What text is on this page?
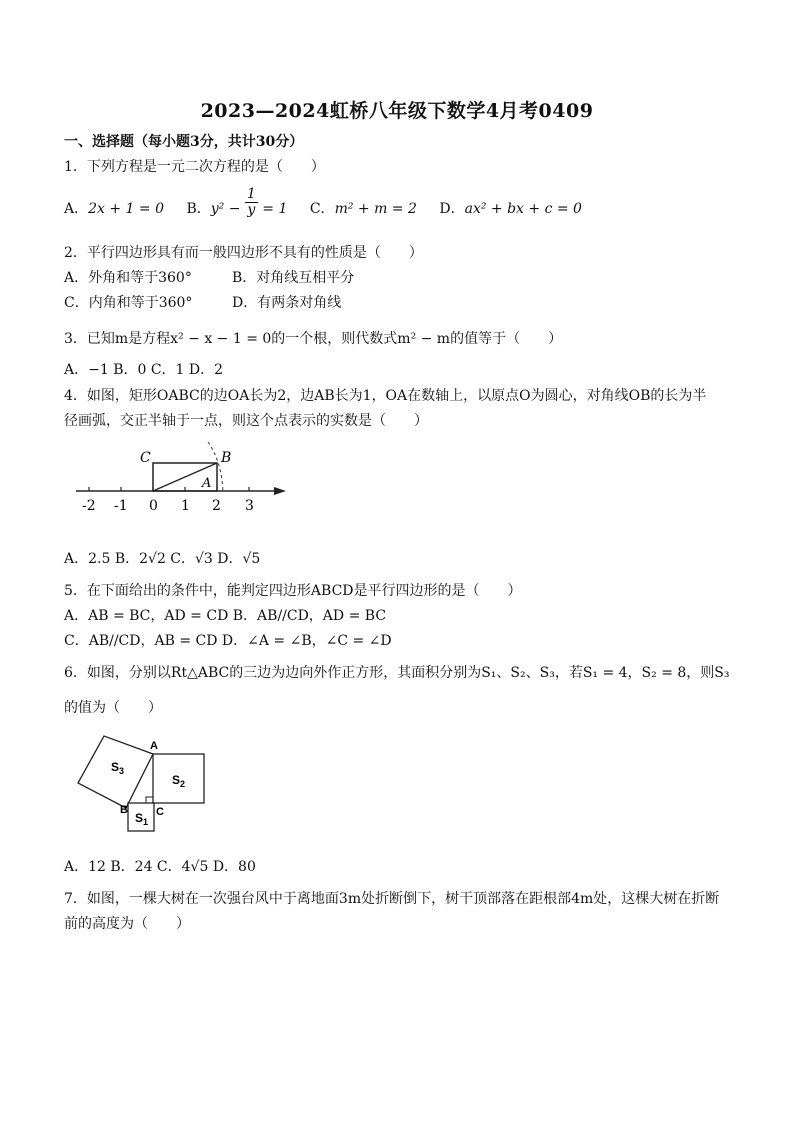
2023—2024虹桥八年级下数学4月考0409
一、选择题（每小题3分，共计30分）
1．下列方程是一元二次方程的是（　　）
A．2x + 1 = 0 B．$y^2 - \frac{1}{y} = 1$ C．m² + m = 2 D．ax² + bx + c = 0
2．平行四边形具有而一般四边形不具有的性质是（　　）
A．外角和等于360°	B．对角线互相平分
C．内角和等于360°	D．有两条对角线
3．已知m是方程x² − x − 1 = 0的一个根，则代数式m² − m的值等于（　　）
A．−1 B．0 C．1 D．2
4．如图，矩形OABC的边OA长为2，边AB长为1，OA在数轴上，以原点O为圆心，对角线OB的长为半
径画弧，交正半轴于一点，则这个点表示的实数是（　　）
C	B
A
-2 -1 0 1 2 3
A．2.5 B．2√2 C．√3 D．√5
5．在下面给出的条件中，能判定四边形ABCD是平行四边形的是（　　）
A．AB = BC，AD = CD B．AB//CD，AD = BC
C．AB//CD，AB = CD D．∠A = ∠B，∠C = ∠D
6．如图，分别以Rt△ABC的三边为边向外作正方形，其面积分别为S₁、S₂、S₃，若S₁ = 4，S₂ = 8，则S₃
的值为（　　）
A
B	C
$S_3$
$S_2$
$S_1$
A．12 B．24 C．4√5 D．80
7．如图，一棵大树在一次强台风中于离地面3m处折断倒下，树干顶部落在距根部4m处，这棵大树在折断
前的高度为（　　）
